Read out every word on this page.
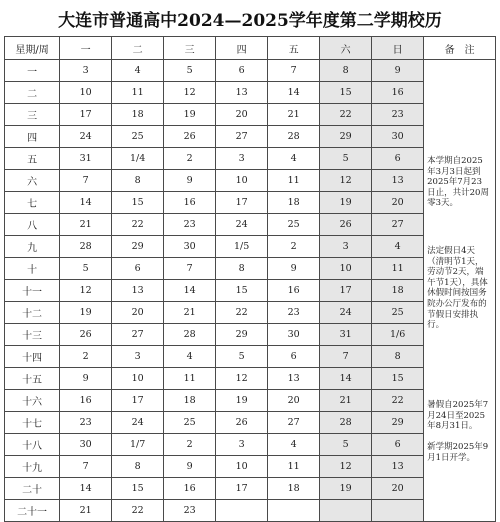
大连市普通高中2024—2025学年度第二学期校历
星期/周	一	二	三	四	五	六	日	备　注
一	3	4	5	6	7	8	9	本学期自2025年3月3日起到2025年7月23日止，共计20周零3天。
法定假日4天（清明节1天，劳动节2天，端午节1天），具体休假时间按国务院办公厅发布的节假日安排执行。
暑假自2025年7月24日至2025年8月31日。
新学期2025年9月1日开学。

二	10	11	12	13	14	15	16	
三	17	18	19	20	21	22	23	
四	24	25	26	27	28	29	30	
五	31	1/4	2	3	4	5	6	
六	7	8	9	10	11	12	13	
七	14	15	16	17	18	19	20	
八	21	22	23	24	25	26	27	
九	28	29	30	1/5	2	3	4	
十	5	6	7	8	9	10	11	
十一	12	13	14	15	16	17	18	
十二	19	20	21	22	23	24	25	
十三	26	27	28	29	30	31	1/6	
十四	2	3	4	5	6	7	8	
十五	9	10	11	12	13	14	15	
十六	16	17	18	19	20	21	22	
十七	23	24	25	26	27	28	29	
十八	30	1/7	2	3	4	5	6	
十九	7	8	9	10	11	12	13	
二十	14	15	16	17	18	19	20	
二十一	21	22	23					
